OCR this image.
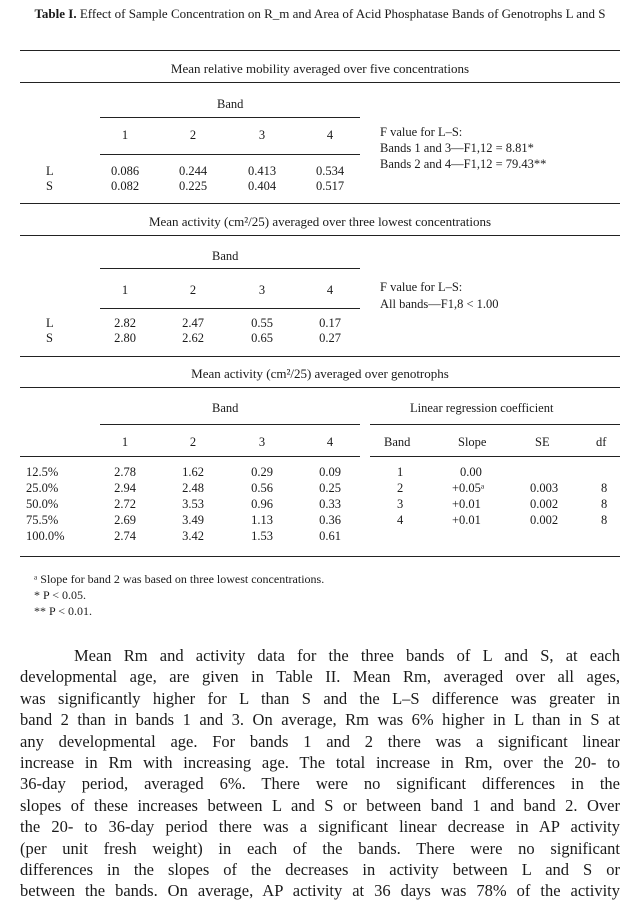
Table I. Effect of Sample Concentration on R_m and Area of Acid Phosphatase Bands of Genotrophs L and S
Mean relative mobility averaged over five concentrations
Band
1	2	3	4
L	0.086	0.244	0.413	0.534
S	0.082	0.225	0.404	0.517
F value for L–S:
Bands 1 and 3—F1,12 = 8.81*
Bands 2 and 4—F1,12 = 79.43**
Mean activity (cm²/25) averaged over three lowest concentrations
Band
1	2	3	4
L	2.82	2.47	0.55	0.17
S	2.80	2.62	0.65	0.27
F value for L–S:
All bands—F1,8 < 1.00
Mean activity (cm²/25) averaged over genotrophs
Band	Linear regression coefficient
1	2	3	4	Band	Slope	SE	df
12.5%	2.78	1.62	0.29	0.09
25.0%	2.94	2.48	0.56	0.25
50.0%	2.72	3.53	0.96	0.33
75.5%	2.69	3.49	1.13	0.36
100.0%	2.74	3.42	1.53	0.61
1	0.00
2	+0.05ᵃ	0.003	8
3	+0.01	0.002	8
4	+0.01	0.002	8
ᵃ Slope for band 2 was based on three lowest concentrations.
* P < 0.05.
** P < 0.01.
Mean Rm and activity data for the three bands of L and S, at each
developmental age, are given in Table II. Mean Rm, averaged over all ages,
was significantly higher for L than S and the L–S difference was greater in
band 2 than in bands 1 and 3. On average, Rm was 6% higher in L than in S at
any developmental age. For bands 1 and 2 there was a significant linear
increase in Rm with increasing age. The total increase in Rm, over the 20- to
36-day period, averaged 6%. There were no significant differences in the
slopes of these increases between L and S or between band 1 and band 2. Over
the 20- to 36-day period there was a significant linear decrease in AP activity
(per unit fresh weight) in each of the bands. There were no significant
differences in the slopes of the decreases in activity between L and S or
between the bands. On average, AP activity at 36 days was 78% of the activity
